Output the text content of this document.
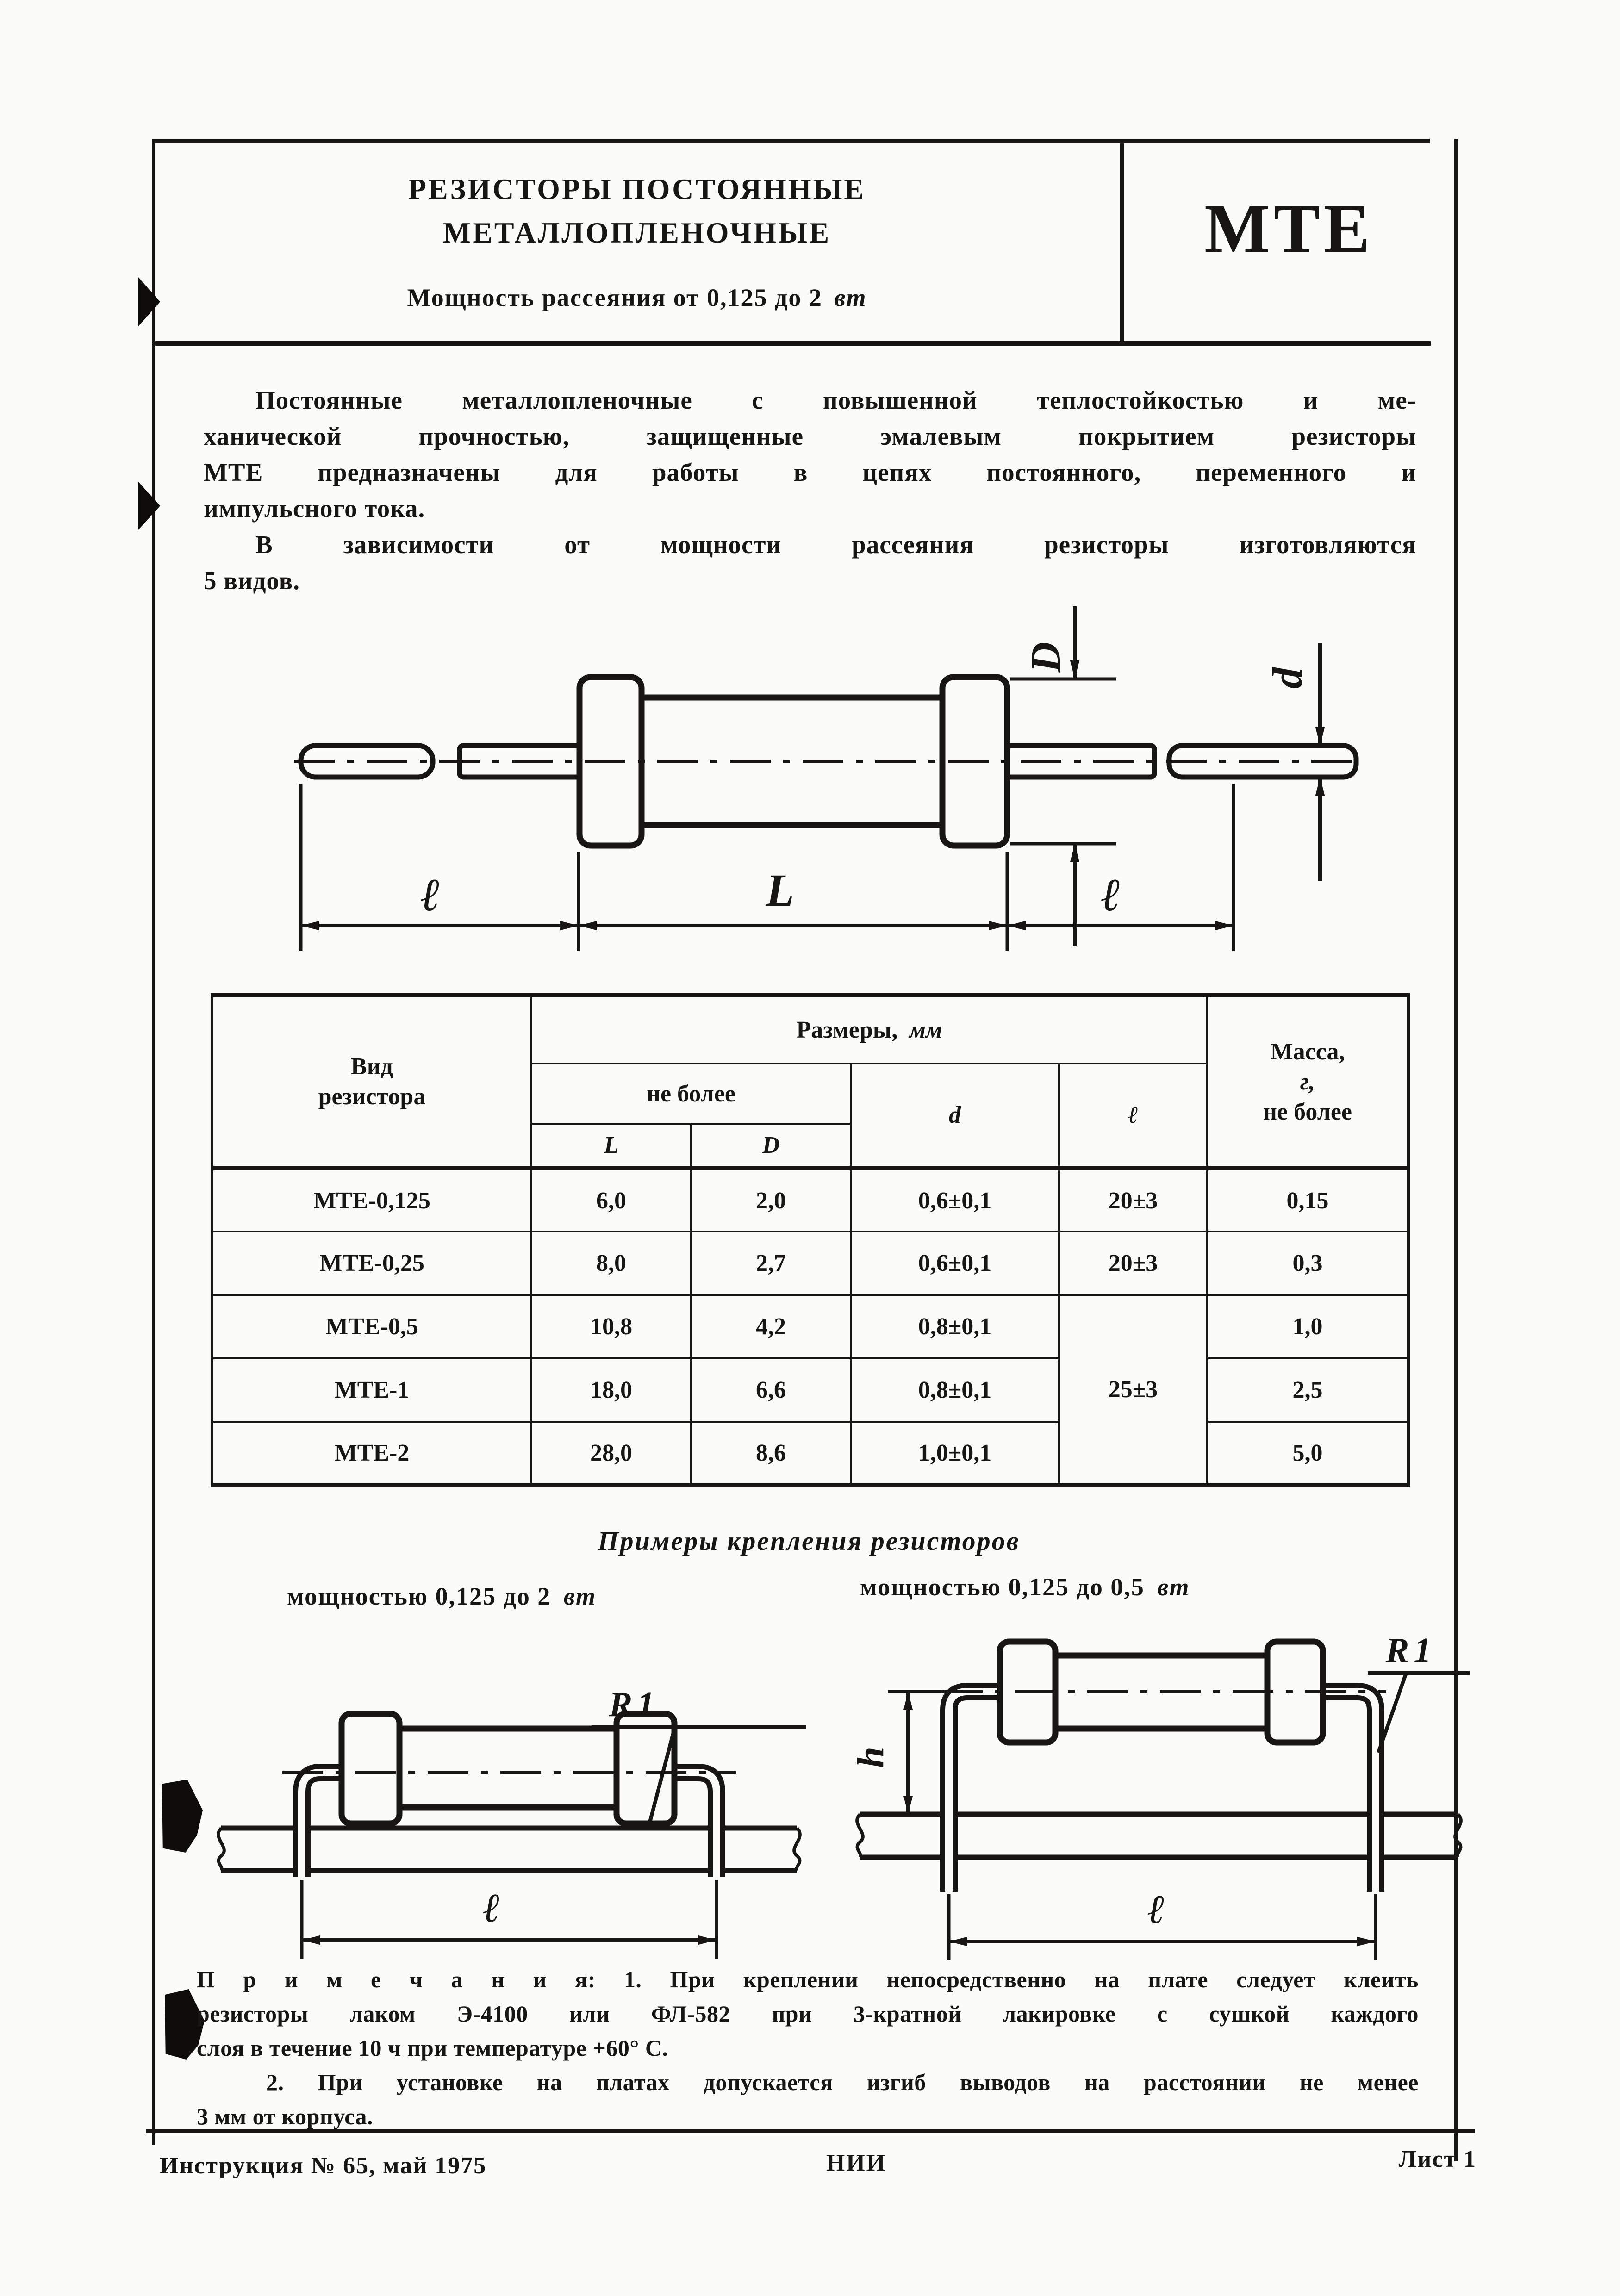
РЕЗИСТОРЫ ПОСТОЯННЫЕ
МЕТАЛЛОПЛЕНОЧНЫЕ
Мощность рассеяния от 0,125 до 2 вт
МТЕ
Постоянные металлопленочные с повышенной теплостойкостью и ме-
ханической прочностью, защищенные эмалевым покрытием резисторы
МТЕ предназначены для работы в цепях постоянного, переменного и
импульсного тока.
В зависимости от мощности рассеяния резисторы изготовляются
5 видов.
D
d
ℓ	L	ℓ
Вид резистора	Размеры, мм				Масса,
г,
не более

	не более		d	ℓ	
	L	D			
МТЕ-0,125	6,0	2,0	0,6±0,1	20±3	0,15
МТЕ-0,25	8,0	2,7	0,6±0,1	20±3	0,3
МТЕ-0,5	10,8	4,2	0,8±0,1	25±3	1,0
МТЕ-1	18,0	6,6	0,8±0,1		2,5
МТЕ-2	28,0	8,6	1,0±0,1		5,0
Примеры крепления резисторов
мощностью 0,125 до 2 вт	мощностью 0,125 до 0,5 вт
R1
ℓ
h
R1
ℓ
П р и м е ч а н и я: 1. При креплении непосредственно на плате следует клеить
резисторы лаком Э-4100 или ФЛ-582 при 3-кратной лакировке с сушкой каждого
слоя в течение 10 ч при температуре +60° С.
2. При установке на платах допускается изгиб выводов на расстоянии не менее
3 мм от корпуса.
Инструкция № 65, май 1975	НИИ	Лист 1
